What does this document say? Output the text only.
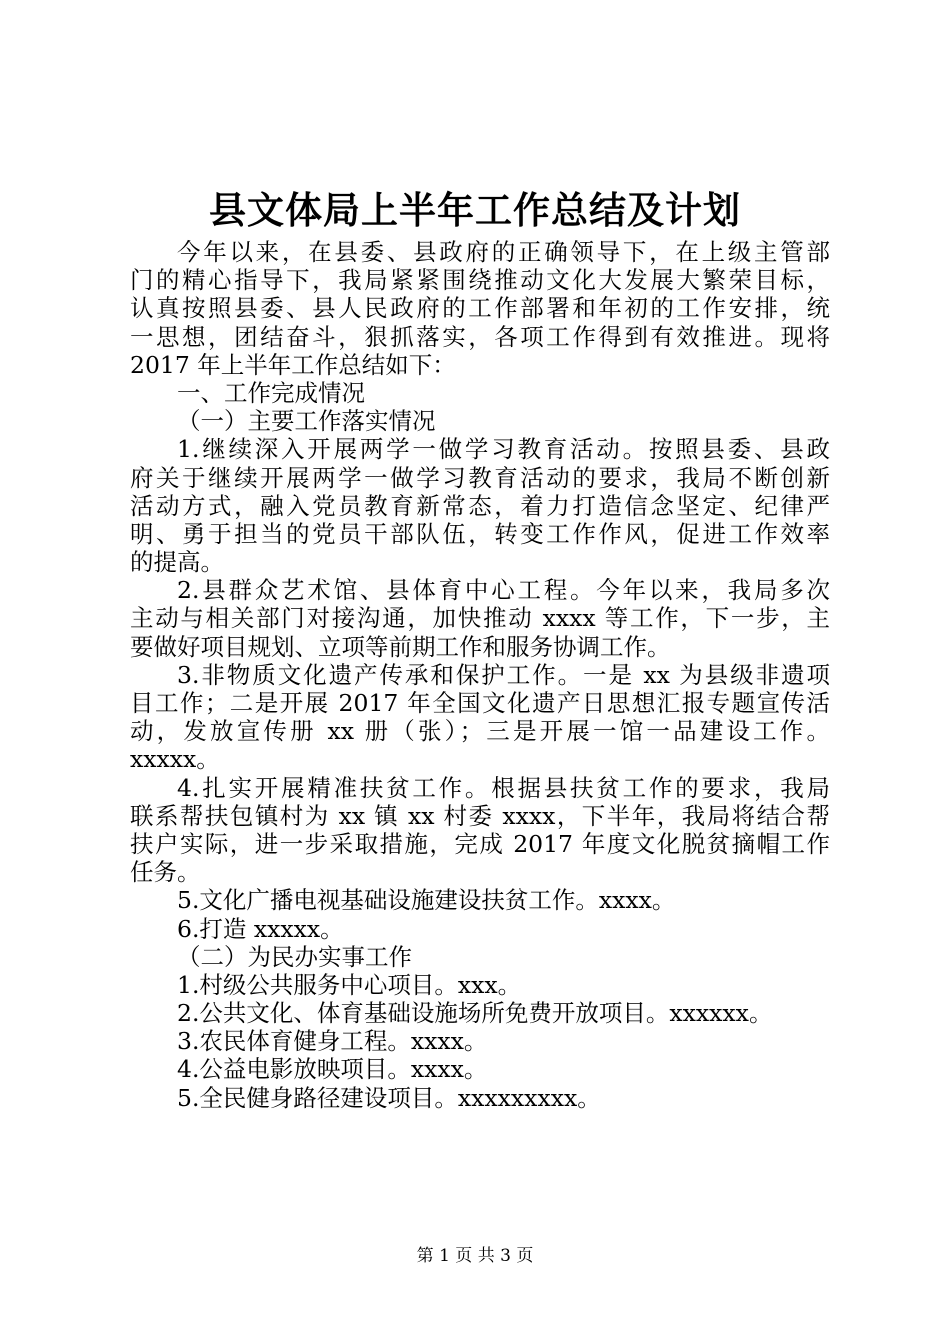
县文体局上半年工作总结及计划
今年以来，在县委、县政府的正确领导下，在上级主管部
门的精心指导下，我局紧紧围绕推动文化大发展大繁荣目标，
认真按照县委、县人民政府的工作部署和年初的工作安排，统
一思想，团结奋斗，狠抓落实，各项工作得到有效推进。现将
2017 年上半年工作总结如下：
一、工作完成情况
（一）主要工作落实情况
1.继续深入开展两学一做学习教育活动。按照县委、县政
府关于继续开展两学一做学习教育活动的要求，我局不断创新
活动方式，融入党员教育新常态，着力打造信念坚定、纪律严
明、勇于担当的党员干部队伍，转变工作作风，促进工作效率
的提高。
2.县群众艺术馆、县体育中心工程。今年以来，我局多次
主动与相关部门对接沟通，加快推动 xxxx 等工作，下一步，主
要做好项目规划、立项等前期工作和服务协调工作。
3.非物质文化遗产传承和保护工作。一是 xx 为县级非遗项
目工作；二是开展 2017 年全国文化遗产日思想汇报专题宣传活
动，发放宣传册 xx 册（张）；三是开展一馆一品建设工作。
xxxxx。
4.扎实开展精准扶贫工作。根据县扶贫工作的要求，我局
联系帮扶包镇村为 xx 镇 xx 村委 xxxx，下半年，我局将结合帮
扶户实际，进一步采取措施，完成 2017 年度文化脱贫摘帽工作
任务。
5.文化广播电视基础设施建设扶贫工作。xxxx。
6.打造 xxxxx。
（二）为民办实事工作
1.村级公共服务中心项目。xxx。
2.公共文化、体育基础设施场所免费开放项目。xxxxxx。
3.农民体育健身工程。xxxx。
4.公益电影放映项目。xxxx。
5.全民健身路径建设项目。xxxxxxxxx。
第 1 页 共 3 页
